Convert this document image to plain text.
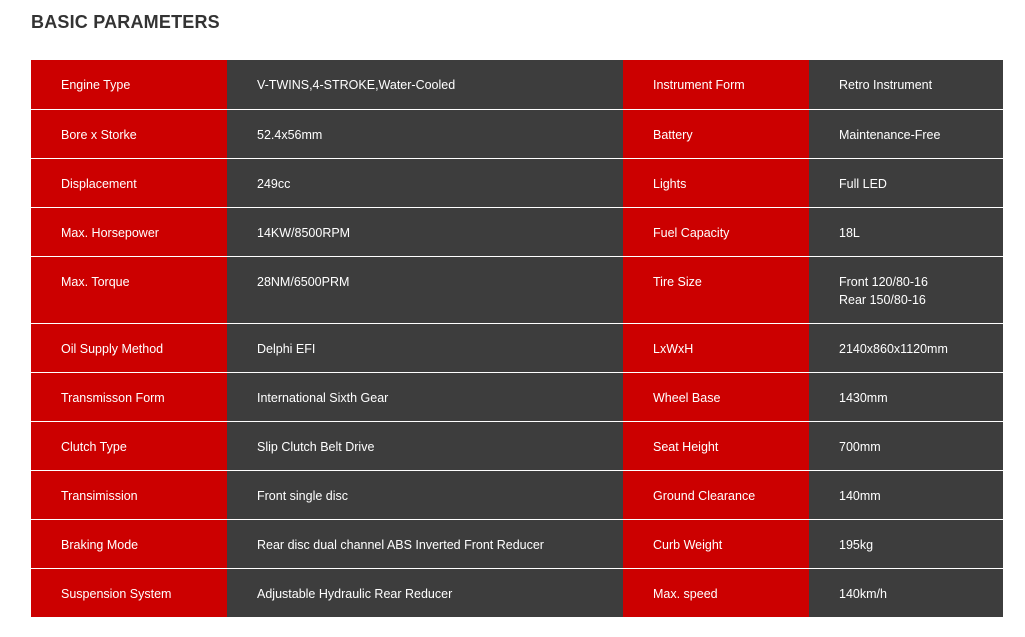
BASIC PARAMETERS
Engine Type	V-TWINS,4-STROKE,Water-Cooled	Instrument Form	Retro Instrument
Bore x Storke	52.4x56mm	Battery	Maintenance-Free
Displacement	249cc	Lights	Full LED
Max. Horsepower	14KW/8500RPM	Fuel Capacity	18L
Max. Torque	28NM/6500PRM	Tire Size	Front 120/80-16
Rear 150/80-16

Oil Supply Method	Delphi EFI	LxWxH	2140x860x1120mm
Transmisson Form	International Sixth Gear	Wheel Base	1430mm
Clutch Type	Slip Clutch Belt Drive	Seat Height	700mm
Transimission	Front single disc	Ground Clearance	140mm
Braking Mode	Rear disc dual channel ABS Inverted Front Reducer	Curb Weight	195kg
Suspension System	Adjustable Hydraulic Rear Reducer	Max. speed	140km/h
